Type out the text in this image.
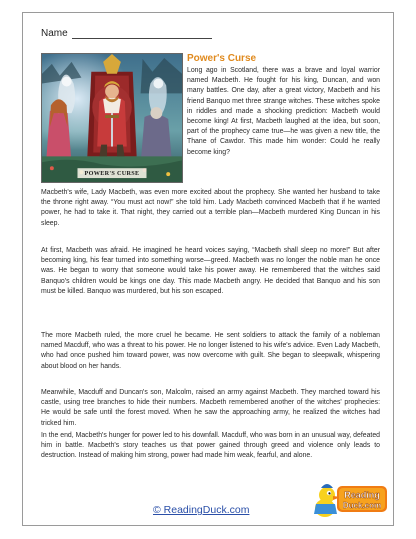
Name
POWER'S CURSE
Power's Curse

Long ago in Scotland, there was a brave and loyal warrior named Macbeth. He fought for his king, Duncan, and won many battles. One day, after a great victory, Macbeth and his friend Banquo met three strange witches. These witches spoke in riddles and made a shocking prediction: Macbeth would become king! At first, Macbeth laughed at the idea, but soon, part of the prophecy came true—he was given a new title, the Thane of Cawdor. This made him wonder: Could he really become king?

Macbeth's wife, Lady Macbeth, was even more excited about the prophecy. She wanted her husband to take the throne right away. “You must act now!” she told him. Lady Macbeth convinced Macbeth that if he wanted power, he had to take it. That night, they carried out a terrible plan—Macbeth murdered King Duncan in his sleep.

At first, Macbeth was afraid. He imagined he heard voices saying, “Macbeth shall sleep no more!” But after becoming king, his fear turned into something worse—greed. Macbeth was no longer the noble man he once was. He began to worry that someone would take his power away. He remembered that the witches said Banquo's children would be kings one day. This made Macbeth angry. He decided that Banquo and his son must be killed. Banquo was murdered, but his son escaped.

The more Macbeth ruled, the more cruel he became. He sent soldiers to attack the family of a nobleman named Macduff, who was a threat to his power. He no longer listened to his wife's advice. Even Lady Macbeth, who had once pushed him toward power, was now overcome with guilt. She began to sleepwalk, whispering about blood on her hands.

Meanwhile, Macduff and Duncan's son, Malcolm, raised an army against Macbeth. They marched toward his castle, using tree branches to hide their numbers. Macbeth remembered another of the witches' prophecies: He would be safe until the forest moved. When he saw the approaching army, he realized the witches had tricked him.

In the end, Macbeth's hunger for power led to his downfall. Macduff, who was born in an unusual way, defeated him in battle. Macbeth's story teaches us that power gained through greed and violence only leads to destruction. Instead of making him strong, power had made him weak, fearful, and alone.

© ReadingDuck.com
Reading
Duck.com
